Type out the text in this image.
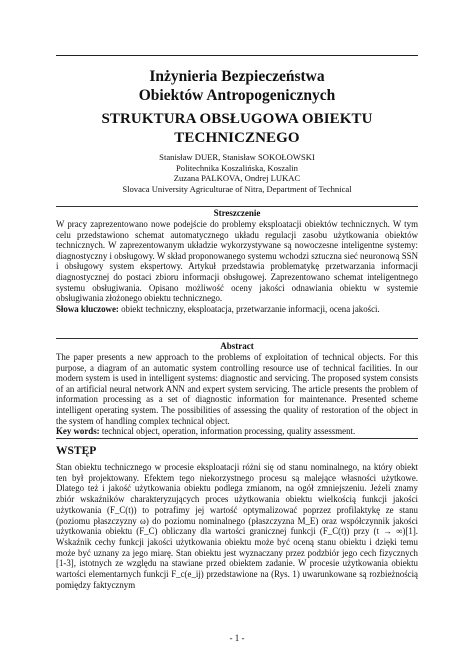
Inżynieria Bezpieczeństwa
Obiektów Antropogenicznych
STRUKTURA OBSŁUGOWA OBIEKTU
TECHNICZNEGO
Stanisław DUER, Stanisław SOKOŁOWSKI
Politechnika Koszalińska, Koszalin
Zuzana PALKOVA, Ondrej LUKAC
Slovaca University Agriculturae of Nitra, Department of Technical
Streszczenie

W pracy zaprezentowano nowe podejście do problemy eksploatacji obiektów technicznych. W tym celu przedstawiono schemat automatycznego układu regulacji zasobu użytkowania obiektów technicznych. W zaprezentowanym układzie wykorzystywane są nowoczesne inteligentne systemy: diagnostyczny i obsługowy. W skład proponowanego systemu wchodzi sztuczna sieć neuronową SSN i obsługowy system ekspertowy. Artykuł przedstawia problematykę przetwarzania informacji diagnostycznej do postaci zbioru informacji obsługowej. Zaprezentowano schemat inteligentnego systemu obsługiwania. Opisano możliwość oceny jakości odnawiania obiektu w systemie obsługiwania złożonego obiektu technicznego.

Słowa kluczowe: obiekt techniczny, eksploatacja, przetwarzanie informacji, ocena jakości.

Abstract

The paper presents a new approach to the problems of exploitation of technical objects. For this purpose, a diagram of an automatic system controlling resource use of technical facilities. In our modern system is used in intelligent systems: diagnostic and servicing. The proposed system consists of an artificial neural network ANN and expert system servicing. The article presents the problem of information processing as a set of diagnostic information for maintenance. Presented scheme intelligent operating system. The possibilities of assessing the quality of restoration of the object in the system of handling complex technical object.

Key words: technical object, operation, information processing, quality assessment.

WSTĘP

Stan obiektu technicznego w procesie eksploatacji różni się od stanu nominalnego, na który obiekt ten był projektowany. Efektem tego niekorzystnego procesu są malejące własności użytkowe. Dlatego też i jakość użytkowania obiektu podlega zmianom, na ogół zmniejszeniu. Jeżeli znamy zbiór wskaźników charakteryzujących proces użytkowania obiektu wielkością funkcji jakości użytkowania (F_C(t)) to potrafimy jej wartość optymalizować poprzez profilaktykę ze stanu (poziomu płaszczyzny ω) do poziomu nominalnego (płaszczyzna M_E) oraz współczynnik jakości użytkowania obiektu (F_C) obliczany dla wartości granicznej funkcji (F_C(t)) przy (t → ∞)[1]. Wskaźnik cechy funkcji jakości użytkowania obiektu może być oceną stanu obiektu i dzięki temu może być uznany za jego miarę. Stan obiektu jest wyznaczany przez podzbiór jego cech fizycznych [1-3], istotnych ze względu na stawiane przed obiektem zadanie. W procesie użytkowania obiektu wartości elementarnych funkcji F_c(e_ij) przedstawione na (Rys. 1) uwarunkowane są rozbieżnością pomiędzy faktycznym

- 1 -
